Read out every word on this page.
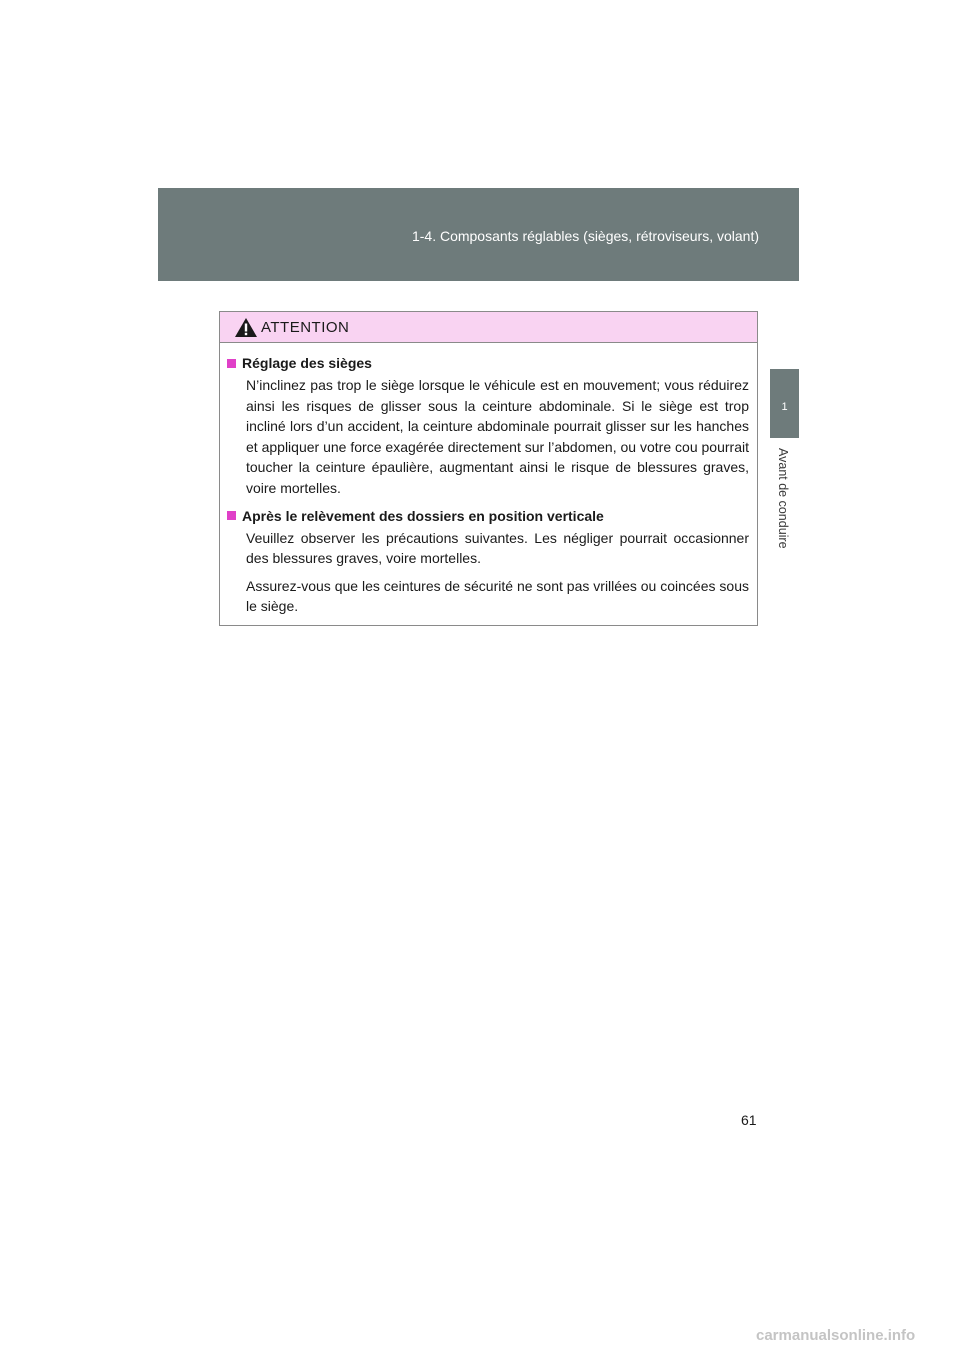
1-4. Composants réglables (sièges, rétroviseurs, volant)
1
Avant de conduire
ATTENTION
Réglage des sièges

N’inclinez pas trop le siège lorsque le véhicule est en mouvement; vous réduirez ainsi les risques de glisser sous la ceinture abdominale. Si le siège est trop incliné lors d’un accident, la ceinture abdominale pourrait glisser sur les hanches et appliquer une force exagérée directement sur l’abdomen, ou votre cou pourrait toucher la ceinture épaulière, augmentant ainsi le risque de blessures graves, voire mortelles.

Après le relèvement des dossiers en position verticale

Veuillez observer les précautions suivantes. Les négliger pourrait occasionner des blessures graves, voire mortelles.

Assurez-vous que les ceintures de sécurité ne sont pas vrillées ou coincées sous le siège.

61
carmanualsonline.info
